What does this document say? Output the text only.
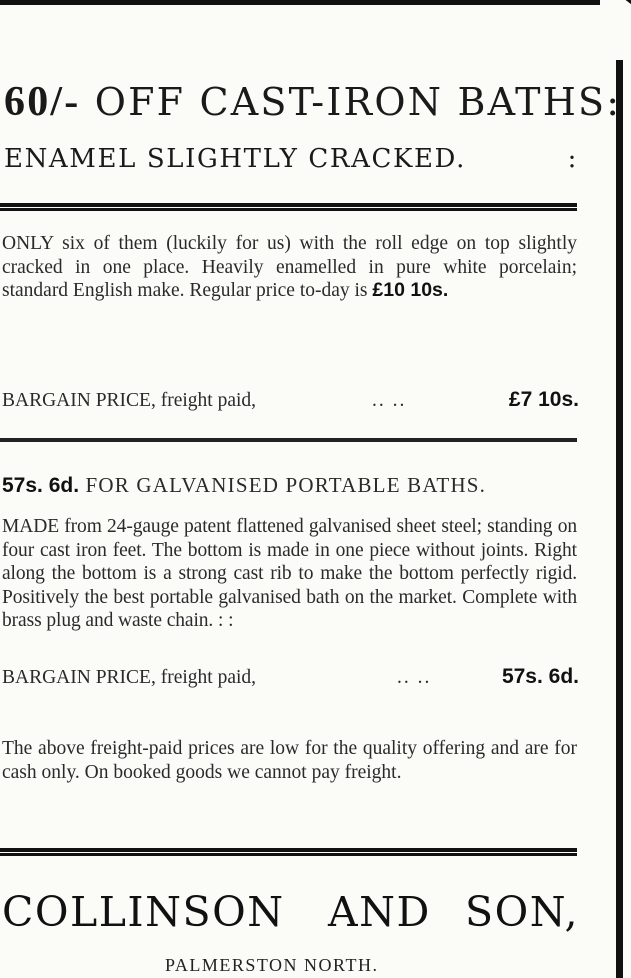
60/- OFF CAST-IRON BATHS:
ENAMEL SLIGHTLY CRACKED.	:

ONLY six of them (luckily for us) with the roll edge on top slightly cracked in one place. Heavily enamelled in pure white porcelain; standard English make. Regular price to-day is £10 10s.

BARGAIN PRICE, freight paid,	.. ..	£7 10s.
57s. 6d. FOR GALVANISED PORTABLE BATHS.

MADE from 24-gauge patent flattened galvanised sheet steel; standing on four cast iron feet. The bottom is made in one piece without joints. Right along the bottom is a strong cast rib to make the bottom perfectly rigid. Positively the best portable galvanised bath on the market. Complete with brass plug and waste chain. : :

BARGAIN PRICE, freight paid,	.. ..	57s. 6d.

The above freight-paid prices are low for the quality offering and are for cash only. On booked goods we cannot pay freight.

COLLINSON AND SON,

PALMERSTON NORTH.
